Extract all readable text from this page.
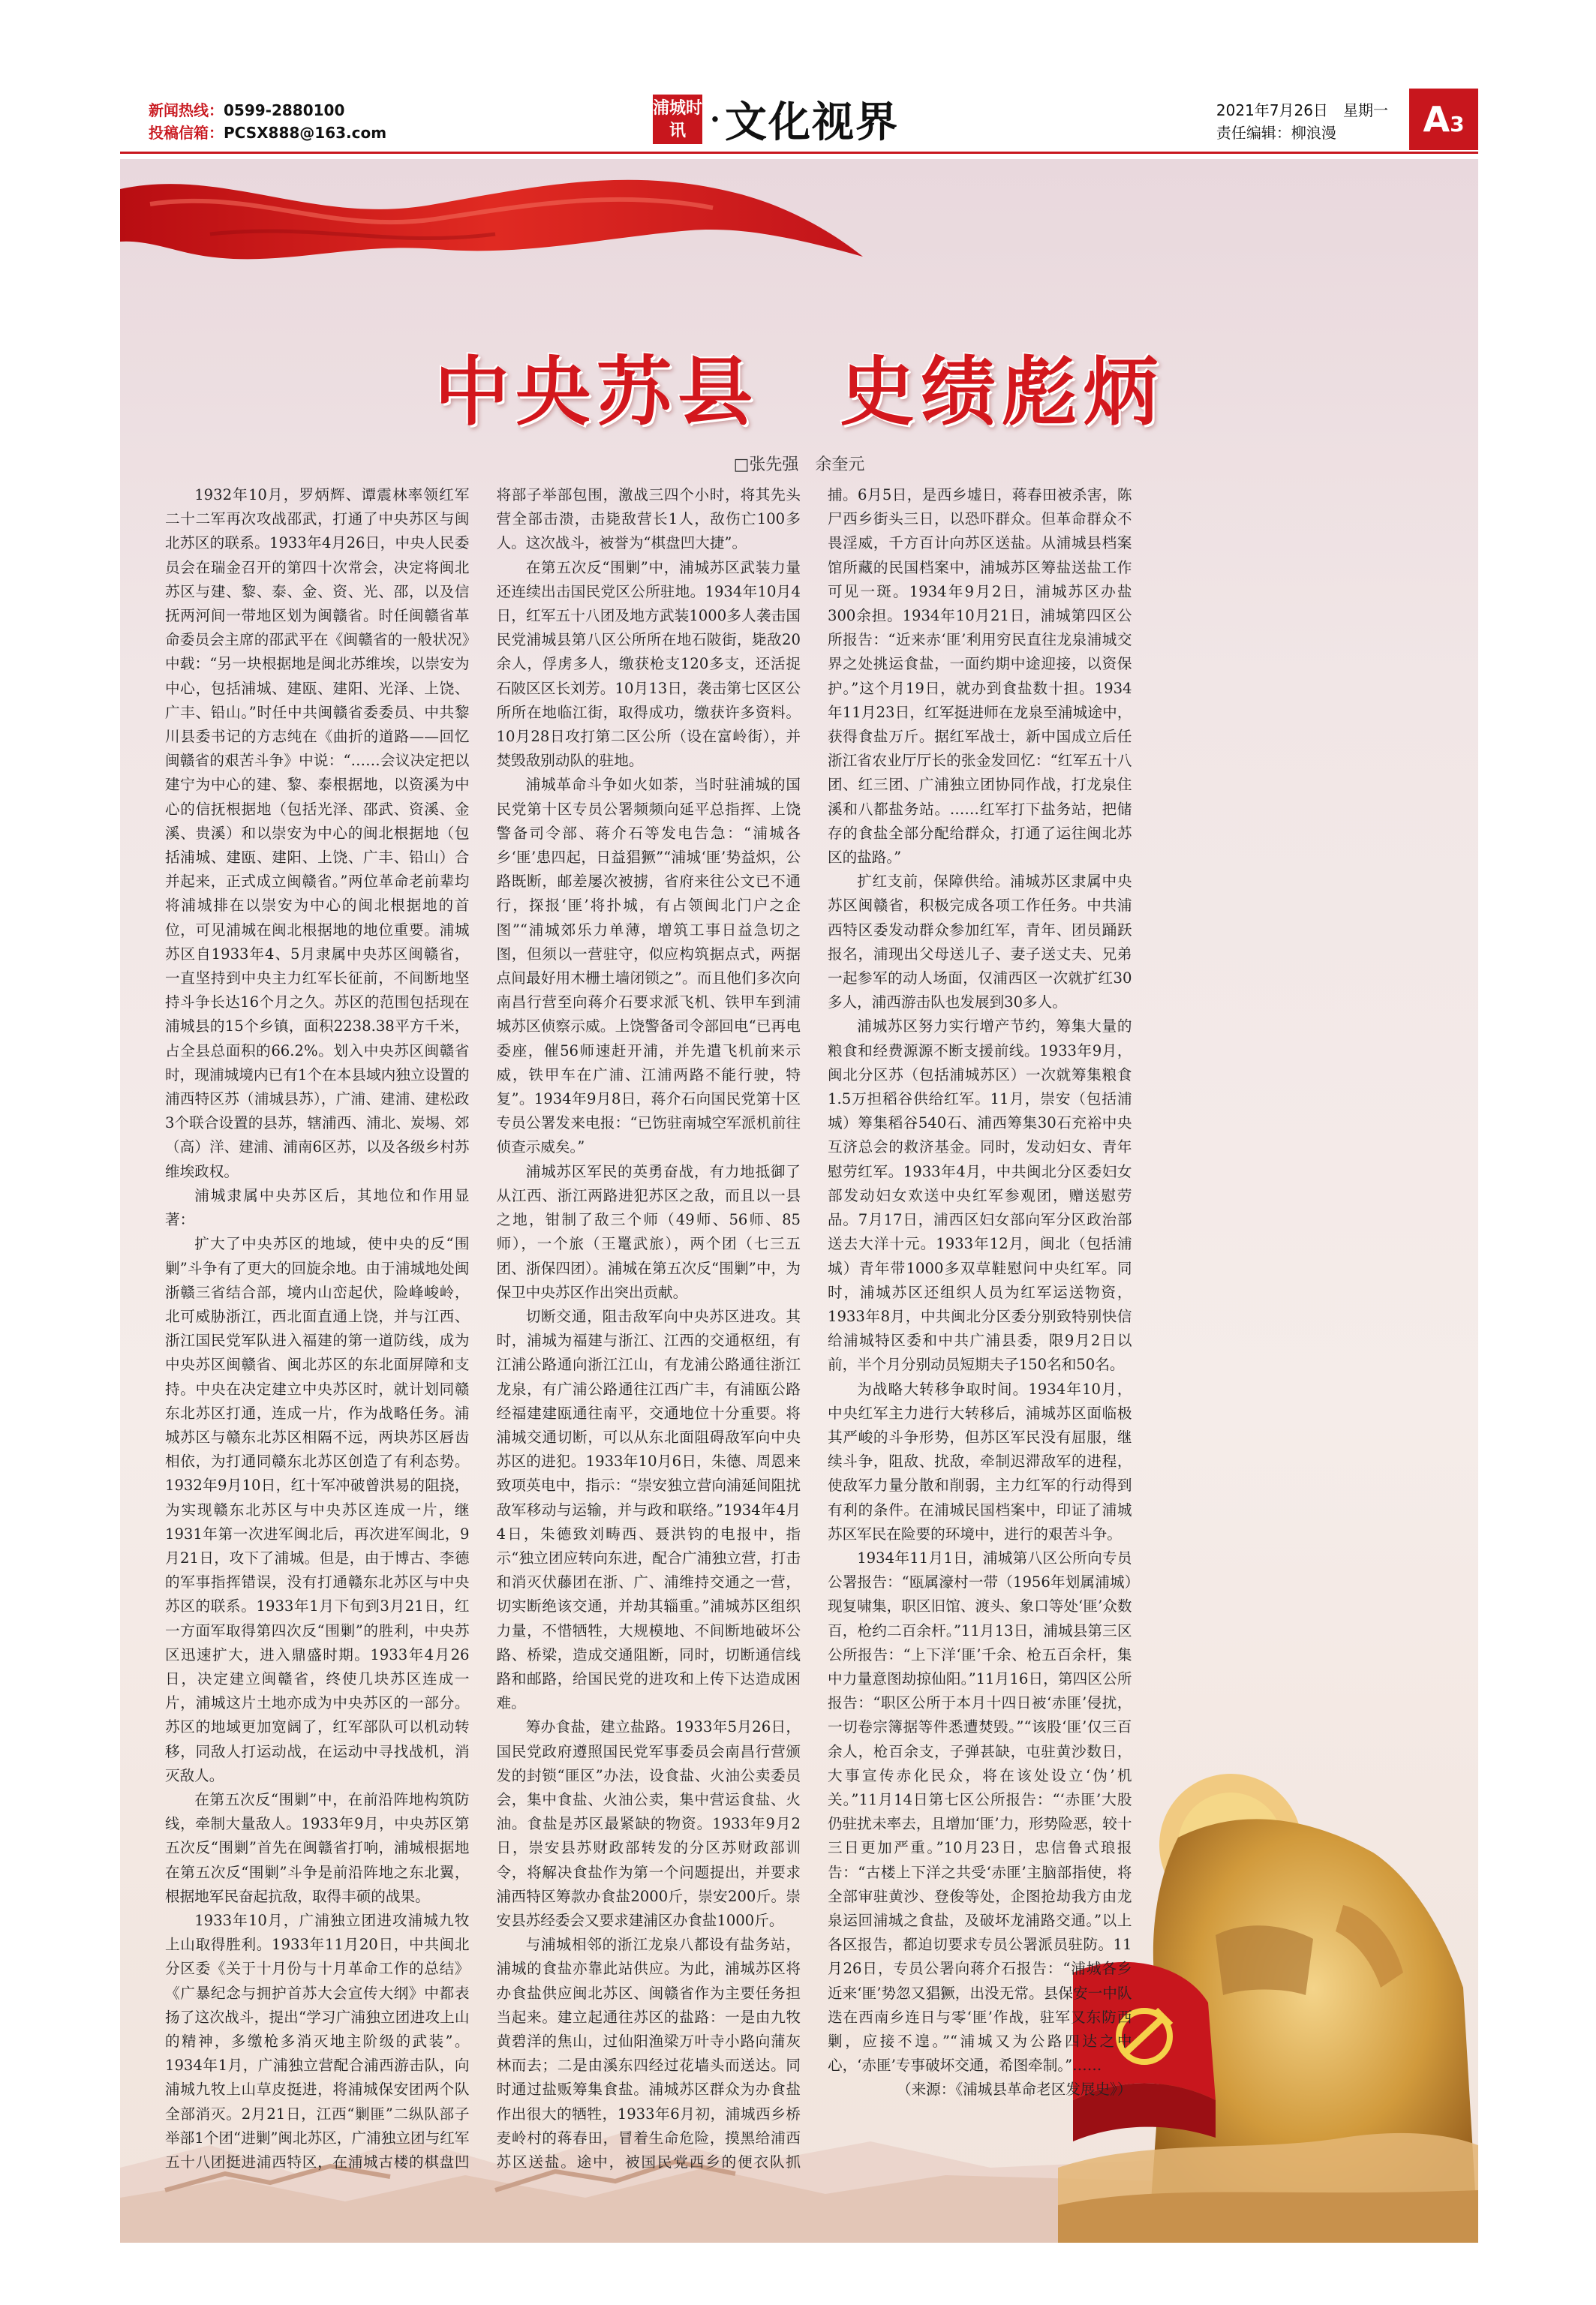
新闻热线：0599-2880100
投稿信箱：PCSX888@163.com
浦城时讯 · 文化视界	2021年7月26日　星期一
责任编辑：柳浪漫	A3
中央苏县　史绩彪炳
□张先强　余奎元

1932年10月，罗炳辉、谭震林率领红军二十二军再次攻战邵武，打通了中央苏区与闽北苏区的联系。1933年4月26日，中央人民委员会在瑞金召开的第四十次常会，决定将闽北苏区与建、黎、泰、金、资、光、邵，以及信抚两河间一带地区划为闽赣省。时任闽赣省革命委员会主席的邵武平在《闽赣省的一般状况》中载：“另一块根据地是闽北苏维埃，以崇安为中心，包括浦城、建瓯、建阳、光泽、上饶、广丰、铅山。”时任中共闽赣省委委员、中共黎川县委书记的方志纯在《曲折的道路——回忆闽赣省的艰苦斗争》中说：“……会议决定把以建宁为中心的建、黎、泰根据地，以资溪为中心的信抚根据地（包括光泽、邵武、资溪、金溪、贵溪）和以崇安为中心的闽北根据地（包括浦城、建瓯、建阳、上饶、广丰、铅山）合并起来，正式成立闽赣省。”两位革命老前辈均将浦城排在以崇安为中心的闽北根据地的首位，可见浦城在闽北根据地的地位重要。浦城苏区自1933年4、5月隶属中央苏区闽赣省，一直坚持到中央主力红军长征前，不间断地坚持斗争长达16个月之久。苏区的范围包括现在浦城县的15个乡镇，面积2238.38平方千米，占全县总面积的66.2%。划入中央苏区闽赣省时，现浦城境内已有1个在本县域内独立设置的浦西特区苏（浦城县苏），广浦、建浦、建松政3个联合设置的县苏，辖浦西、浦北、炭埸、郊（高）洋、建浦、浦南6区苏，以及各级乡村苏维埃政权。

浦城隶属中央苏区后，其地位和作用显著：

扩大了中央苏区的地域，使中央的反“围剿”斗争有了更大的回旋余地。由于浦城地处闽浙赣三省结合部，境内山峦起伏，险峰峻岭，北可威胁浙江，西北面直通上饶，并与江西、浙江国民党军队进入福建的第一道防线，成为中央苏区闽赣省、闽北苏区的东北面屏障和支持。中央在决定建立中央苏区时，就计划同赣东北苏区打通，连成一片，作为战略任务。浦城苏区与赣东北苏区相隔不远，两块苏区唇齿相依，为打通同赣东北苏区创造了有利态势。1932年9月10日，红十军冲破曾洪易的阻挠，为实现赣东北苏区与中央苏区连成一片，继1931年第一次进军闽北后，再次进军闽北，9月21日，攻下了浦城。但是，由于博古、李德的军事指挥错误，没有打通赣东北苏区与中央苏区的联系。1933年1月下旬到3月21日，红一方面军取得第四次反“围剿”的胜利，中央苏区迅速扩大，进入鼎盛时期。1933年4月26日，决定建立闽赣省，终使几块苏区连成一片，浦城这片土地亦成为中央苏区的一部分。苏区的地域更加宽阔了，红军部队可以机动转移，同敌人打运动战，在运动中寻找战机，消灭敌人。

在第五次反“围剿”中，在前沿阵地构筑防线，牵制大量敌人。1933年9月，中央苏区第五次反“围剿”首先在闽赣省打响，浦城根据地在第五次反“围剿”斗争是前沿阵地之东北翼，根据地军民奋起抗敌，取得丰硕的战果。

1933年10月，广浦独立团进攻浦城九牧上山取得胜利。1933年11月20日，中共闽北分区委《关于十月份与十月革命工作的总结》《广暴纪念与拥护首苏大会宣传大纲》中都表扬了这次战斗，提出“学习广浦独立团进攻上山的精神，多缴枪多消灭地主阶级的武装”。1934年1月，广浦独立营配合浦西游击队，向浦城九牧上山草皮挺进，将浦城保安团两个队全部消灭。2月21日，江西“剿匪”二纵队部子举部1个团“进剿”闽北苏区，广浦独立团与红军五十八团挺进浦西特区，在浦城古楼的棋盘凹将部子举部包围，激战三四个小时，将其先头营全部击溃，击毙敌营长1人，敌伤亡100多人。这次战斗，被誉为“棋盘凹大捷”。

在第五次反“围剿”中，浦城苏区武装力量还连续出击国民党区公所驻地。1934年10月4日，红军五十八团及地方武装1000多人袭击国民党浦城县第八区公所所在地石陂街，毙敌20余人，俘虏多人，缴获枪支120多支，还活捉石陂区区长刘芳。10月13日，袭击第七区区公所所在地临江街，取得成功，缴获许多资料。10月28日攻打第二区公所（设在富岭街），并焚毁敌别动队的驻地。

浦城革命斗争如火如荼，当时驻浦城的国民党第十区专员公署频频向延平总指挥、上饶警备司令部、蒋介石等发电告急：“浦城各乡‘匪’患四起，日益猖獗”“浦城‘匪’势益炽，公路既断，邮差屡次被掳，省府来往公文已不通行，探报‘匪’将扑城，有占领闽北门户之企图”“浦城郊乐力单薄，增筑工事日益急切之图，但须以一营驻守，似应构筑据点式，两据点间最好用木栅土墙闭锁之”。而且他们多次向南昌行营至向蒋介石要求派飞机、铁甲车到浦城苏区侦察示威。上饶警备司令部回电“已再电委座，催56师速赶开浦，并先遣飞机前来示威，铁甲车在广浦、江浦两路不能行驶，特复”。1934年9月8日，蒋介石向国民党第十区专员公署发来电报：“已饬驻南城空军派机前往侦查示威矣。”

浦城苏区军民的英勇奋战，有力地抵御了从江西、浙江两路进犯苏区之敌，而且以一县之地，钳制了敌三个师（49师、56师、85师），一个旅（王鼍武旅），两个团（七三五团、浙保四团）。浦城在第五次反“围剿”中，为保卫中央苏区作出突出贡献。

切断交通，阻击敌军向中央苏区进攻。其时，浦城为福建与浙江、江西的交通枢纽，有江浦公路通向浙江江山，有龙浦公路通往浙江龙泉，有广浦公路通往江西广丰，有浦瓯公路经福建建瓯通往南平，交通地位十分重要。将浦城交通切断，可以从东北面阻碍敌军向中央苏区的进犯。1933年10月6日，朱德、周恩来致项英电中，指示：“崇安独立营向浦延间阻扰敌军移动与运输，并与政和联络。”1934年4月4日，朱德致刘畴西、聂洪钧的电报中，指示“独立团应转向东进，配合广浦独立营，打击和消灭伏藤团在浙、广、浦维持交通之一营，切实断绝该交通，并劫其辎重。”浦城苏区组织力量，不惜牺牲，大规模地、不间断地破坏公路、桥梁，造成交通阻断，同时，切断通信线路和邮路，给国民党的进攻和上传下达造成困难。

筹办食盐，建立盐路。1933年5月26日，国民党政府遵照国民党军事委员会南昌行营颁发的封锁“匪区”办法，设食盐、火油公卖委员会，集中食盐、火油公卖，集中营运食盐、火油。食盐是苏区最紧缺的物资。1933年9月2日，崇安县苏财政部转发的分区苏财政部训令，将解决食盐作为第一个问题提出，并要求浦西特区筹款办食盐2000斤，崇安200斤。崇安县苏经委会又要求建浦区办食盐1000斤。

与浦城相邻的浙江龙泉八都设有盐务站，浦城的食盐亦靠此站供应。为此，浦城苏区将办食盐供应闽北苏区、闽赣省作为主要任务担当起来。建立起通往苏区的盐路：一是由九牧黄碧洋的焦山，过仙阳渔梁万叶寺小路向蒲灰林而去；二是由溪东四经过花墙头而送达。同时通过盐贩筹集食盐。浦城苏区群众为办食盐作出很大的牺牲，1933年6月初，浦城西乡桥麦岭村的蒋春田，冒着生命危险，摸黑给浦西苏区送盐。途中，被国民党西乡的便衣队抓捕。6月5日，是西乡墟日，蒋春田被杀害，陈尸西乡街头三日，以恐吓群众。但革命群众不畏淫威，千方百计向苏区送盐。从浦城县档案馆所藏的民国档案中，浦城苏区筹盐送盐工作可见一斑。1934年9月2日，浦城苏区办盐300余担。1934年10月21日，浦城第四区公所报告：“近来赤‘匪’利用穷民直往龙泉浦城交界之处挑运食盐，一面约期中途迎接，以资保护。”这个月19日，就办到食盐数十担。1934年11月23日，红军挺进师在龙泉至浦城途中，获得食盐万斤。据红军战士，新中国成立后任浙江省农业厅厅长的张金发回忆：“红军五十八团、红三团、广浦独立团协同作战，打龙泉住溪和八都盐务站。……红军打下盐务站，把储存的食盐全部分配给群众，打通了运往闽北苏区的盐路。”

扩红支前，保障供给。浦城苏区隶属中央苏区闽赣省，积极完成各项工作任务。中共浦西特区委发动群众参加红军，青年、团员踊跃报名，浦现出父母送儿子、妻子送丈夫、兄弟一起参军的动人场面，仅浦西区一次就扩红30多人，浦西游击队也发展到30多人。

浦城苏区努力实行增产节约，筹集大量的粮食和经费源源不断支援前线。1933年9月，闽北分区苏（包括浦城苏区）一次就筹集粮食1.5万担稻谷供给红军。11月，崇安（包括浦城）筹集稻谷540石、浦西筹集30石充裕中央互济总会的救济基金。同时，发动妇女、青年慰劳红军。1933年4月，中共闽北分区委妇女部发动妇女欢送中央红军参观团，赠送慰劳品。7月17日，浦西区妇女部向军分区政治部送去大洋十元。1933年12月，闽北（包括浦城）青年带1000多双草鞋慰问中央红军。同时，浦城苏区还组织人员为红军运送物资，1933年8月，中共闽北分区委分别致特别快信给浦城特区委和中共广浦县委，限9月2日以前，半个月分别动员短期夫子150名和50名。

为战略大转移争取时间。1934年10月，中央红军主力进行大转移后，浦城苏区面临极其严峻的斗争形势，但苏区军民没有屈服，继续斗争，阻敌、扰敌，牵制迟滞敌军的进程，使敌军力量分散和削弱，主力红军的行动得到有利的条件。在浦城民国档案中，印证了浦城苏区军民在险要的环境中，进行的艰苦斗争。

1934年11月1日，浦城第八区公所向专员公署报告：“瓯属濠村一带（1956年划属浦城）现复啸集，职区旧馆、渡头、象口等处‘匪’众数百，枪约二百余杆。”11月13日，浦城县第三区公所报告：“上下洋‘匪’千余、枪五百余杆，集中力量意图劫掠仙阳。”11月16日，第四区公所报告：“职区公所于本月十四日被‘赤匪’侵扰，一切卷宗簿据等件悉遭焚毁。”“该股‘匪’仅三百余人，枪百余支，子弹甚缺，屯驻黄沙数日，大事宣传赤化民众，将在该处设立‘伪’机关。”11月14日第七区公所报告：“‘赤匪’大股仍驻扰未率去，且增加‘匪’力，形势险恶，较十三日更加严重。”10月23日，忠信鲁式琅报告：“古楼上下洋之共受‘赤匪’主脑部指使，将全部审驻黄沙、登俊等处，企图抢劫我方由龙泉运回浦城之食盐，及破坏龙浦路交通。”以上各区报告，都迫切要求专员公署派员驻防。11月26日，专员公署向蒋介石报告：“浦城各乡近来‘匪’势忽又猖獗，出没无常。县保安一中队迭在西南乡连日与零‘匪’作战，驻军又东防西剿，应接不遑。”“浦城又为公路四达之中心，‘赤匪’专事破坏交通，希图牵制。”……

（来源：《浦城县革命老区发展史》）
